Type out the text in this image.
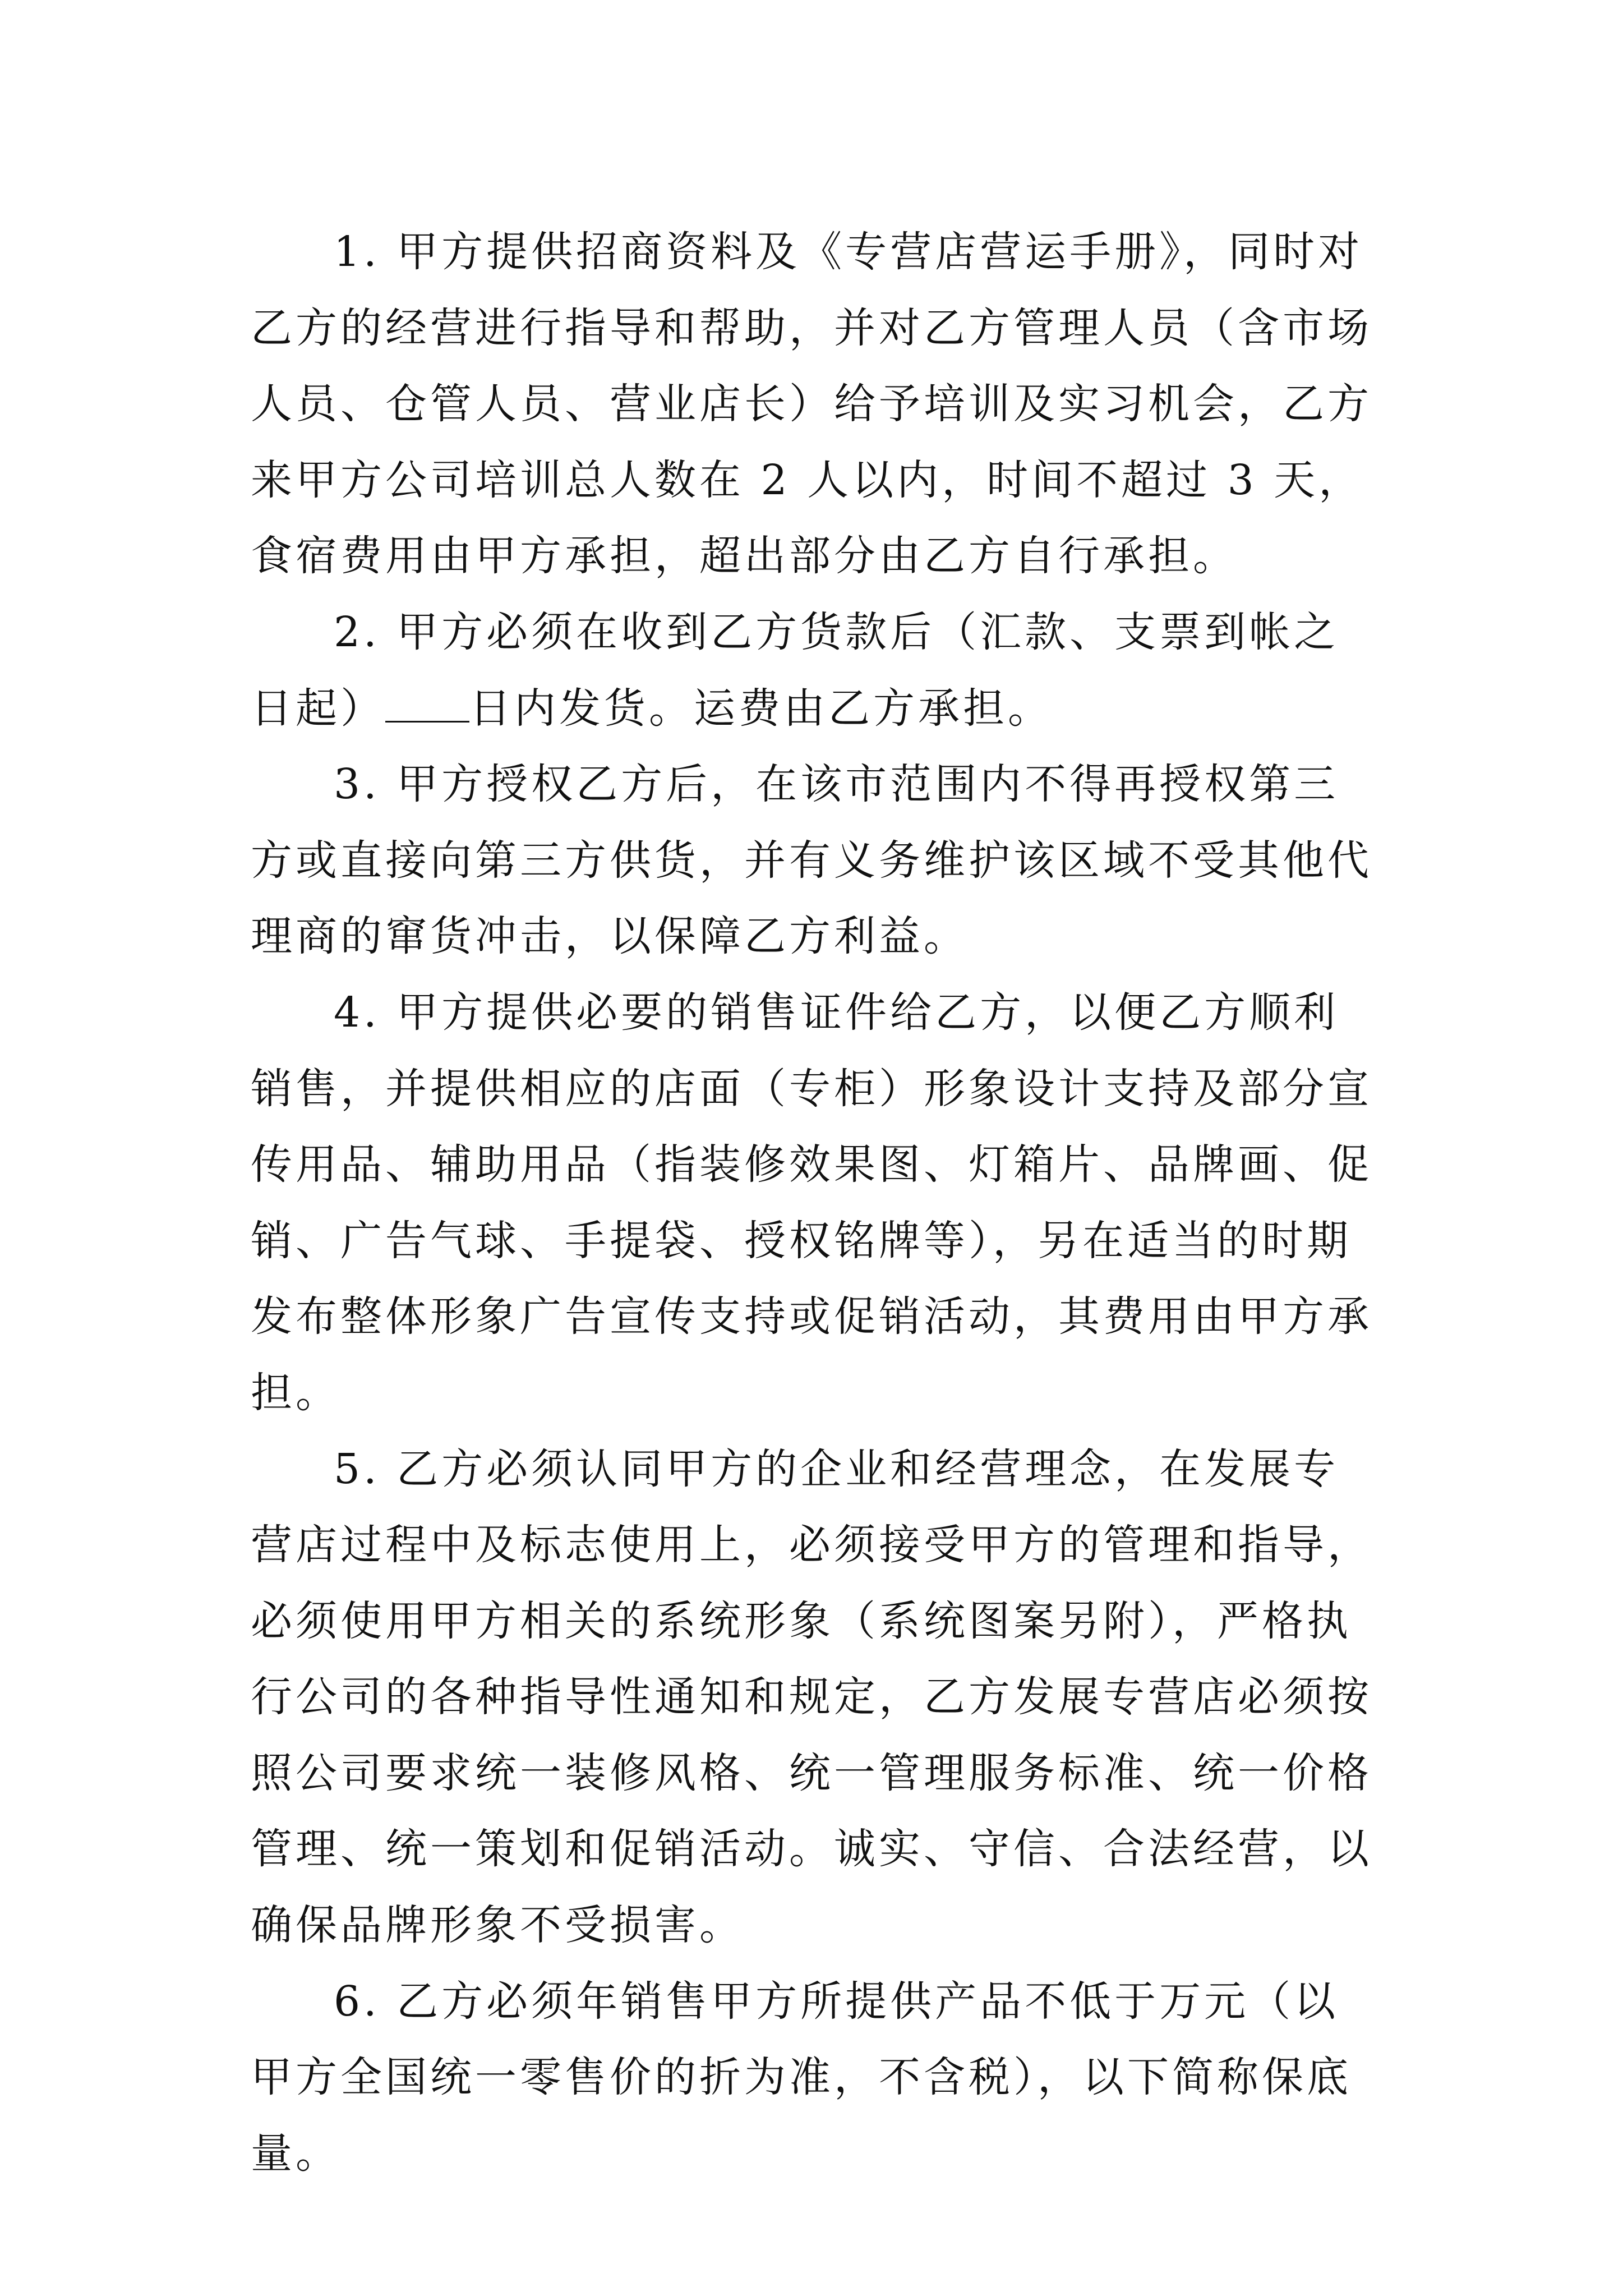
1. 甲方提供招商资料及《专营店营运手册》，同时对乙方的经营进行指导和帮助，并对乙方管理人员（含市场人员、仓管人员、营业店长）给予培训及实习机会，乙方来甲方公司培训总人数在 2 人以内，时间不超过 3 天，食宿费用由甲方承担，超出部分由乙方自行承担。

2. 甲方必须在收到乙方货款后（汇款、支票到帐之日起） 日内发货。运费由乙方承担。

3. 甲方授权乙方后，在该市范围内不得再授权第三方或直接向第三方供货，并有义务维护该区域不受其他代理商的窜货冲击，以保障乙方利益。

4. 甲方提供必要的销售证件给乙方，以便乙方顺利销售，并提供相应的店面（专柜）形象设计支持及部分宣传用品、辅助用品（指装修效果图、灯箱片、品牌画、促销、广告气球、手提袋、授权铭牌等），另在适当的时期发布整体形象广告宣传支持或促销活动，其费用由甲方承担。

5. 乙方必须认同甲方的企业和经营理念，在发展专营店过程中及标志使用上，必须接受甲方的管理和指导，必须使用甲方相关的系统形象（系统图案另附），严格执行公司的各种指导性通知和规定，乙方发展专营店必须按照公司要求统一装修风格、统一管理服务标准、统一价格管理、统一策划和促销活动。诚实、守信、合法经营，以确保品牌形象不受损害。

6. 乙方必须年销售甲方所提供产品不低于万元（以甲方全国统一零售价的折为准，不含税），以下简称保底量。
